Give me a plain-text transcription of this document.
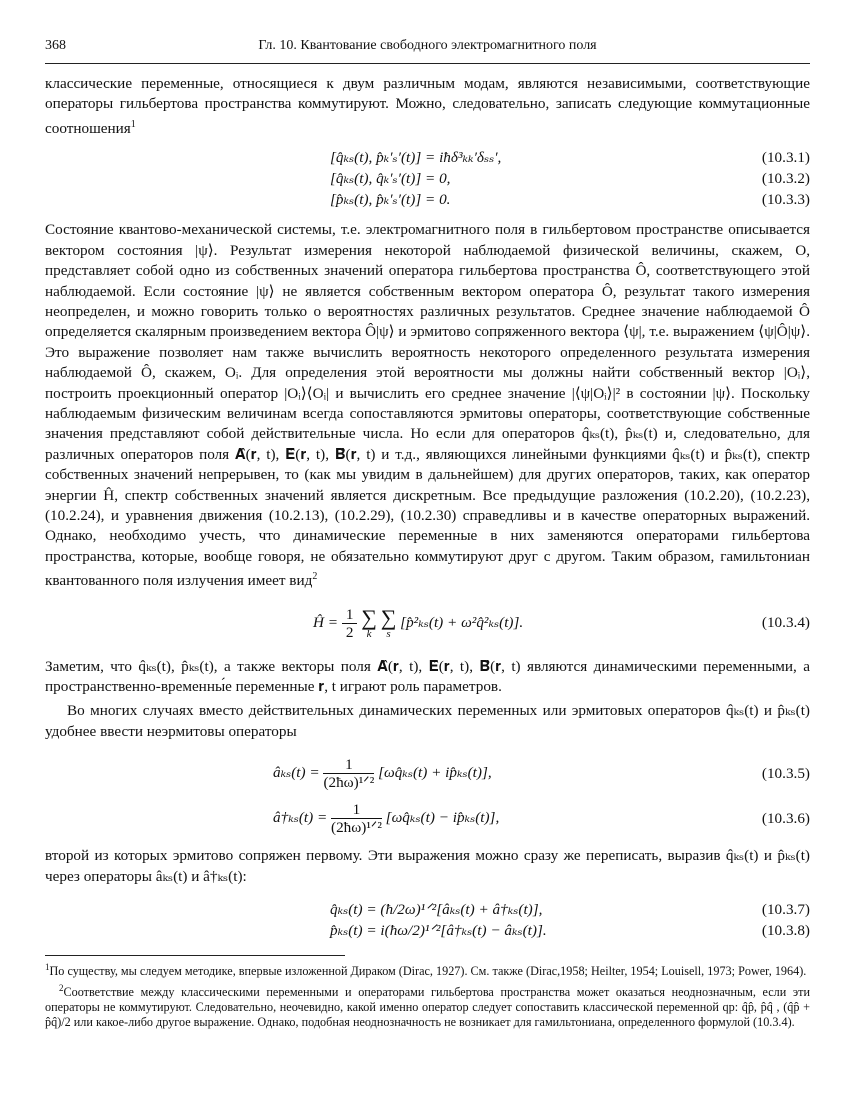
368	Гл. 10. Квантование свободного электромагнитного поля

классические переменные, относящиеся к двум различным модам, являются независимыми, соответствующие операторы гильбертова пространства коммутируют. Можно, следовательно, записать следующие коммутационные соотношения$^1$

[q̂ₖₛ(t), p̂ₖ′ₛ′(t)] = iħδ³ₖₖ′δₛₛ′,	(10.3.1)
[q̂ₖₛ(t), q̂ₖ′ₛ′(t)] = 0,	(10.3.2)
[p̂ₖₛ(t), p̂ₖ′ₛ′(t)] = 0.	(10.3.3)

Состояние квантово-механической системы, т.е. электромагнитного поля в гильбертовом пространстве описывается вектором состояния |ψ⟩. Результат измерения некоторой наблюдаемой физической величины, скажем, O, представляет собой одно из собственных значений оператора гильбертова пространства Ô, соответствующего этой наблюдаемой. Если состояние |ψ⟩ не является собственным вектором оператора Ô, результат такого измерения неопределен, и можно говорить только о вероятностях различных результатов. Среднее значение наблюдаемой Ô определяется скалярным произведением вектора Ô|ψ⟩ и эрмитово сопряженного вектора ⟨ψ|, т.е. выражением ⟨ψ|Ô|ψ⟩. Это выражение позволяет нам также вычислить вероятность некоторого определенного результата измерения наблюдаемой Ô, скажем, Oᵢ. Для определения этой вероятности мы должны найти собственный вектор |Oᵢ⟩, построить проекционный оператор |Oᵢ⟩⟨Oᵢ| и вычислить его среднее значение |⟨ψ|Oᵢ⟩|² в состоянии |ψ⟩. Поскольку наблюдаемым физическим величинам всегда сопоставляются эрмитовы операторы, соответствующие собственные значения представляют собой действительные числа. Но если для операторов q̂ₖₛ(t), p̂ₖₛ(t) и, следовательно, для различных операторов поля 𝐀̂(𝐫, t), 𝐄̂(𝐫, t), 𝐁̂(𝐫, t) и т.д., являющихся линейными функциями q̂ₖₛ(t) и p̂ₖₛ(t), спектр собственных значений непрерывен, то (как мы увидим в дальнейшем) для других операторов, таких, как оператор энергии Ĥ, спектр собственных значений является дискретным. Все предыдущие разложения (10.2.20), (10.2.23), (10.2.24), и уравнения движения (10.2.13), (10.2.29), (10.2.30) справедливы и в качестве операторных выражений. Однако, необходимо учесть, что динамические переменные в них заменяются операторами гильбертова пространства, которые, вообще говоря, не обязательно коммутируют друг с другом. Таким образом, гамильтониан квантованного поля излучения имеет вид$^2$

Ĥ = $\frac{1}{2}$ ∑
k
∑
s
[p̂²ₖₛ(t) + ω²q̂²ₖₛ(t)].	(10.3.4)

Заметим, что q̂ₖₛ(t), p̂ₖₛ(t), а также векторы поля 𝐀̂(𝐫, t), 𝐄̂(𝐫, t), 𝐁̂(𝐫, t) являются динамическими переменными, а пространственно-временны́е переменные 𝐫, t играют роль параметров.

Во многих случаях вместо действительных динамических переменных или эрмитовых операторов q̂ₖₛ(t) и p̂ₖₛ(t) удобнее ввести неэрмитовы операторы

âₖₛ(t) = $\frac{1}{\text{(2ħω)¹ᐟ²}}$ [ωq̂ₖₛ(t) + ip̂ₖₛ(t)],	(10.3.5)
â†ₖₛ(t) = $\frac{1}{\text{(2ħω)¹ᐟ²}}$ [ωq̂ₖₛ(t) − ip̂ₖₛ(t)],	(10.3.6)

второй из которых эрмитово сопряжен первому. Эти выражения можно сразу же переписать, выразив q̂ₖₛ(t) и p̂ₖₛ(t) через операторы âₖₛ(t) и â†ₖₛ(t):

q̂ₖₛ(t) = (ħ/2ω)¹ᐟ²[âₖₛ(t) + â†ₖₛ(t)],	(10.3.7)
p̂ₖₛ(t) = i(ħω/2)¹ᐟ²[â†ₖₛ(t) − âₖₛ(t)].	(10.3.8)

$^1$По существу, мы следуем методике, впервые изложенной Дираком (Dirac, 1927). См. также (Dirac,1958; Heilter, 1954; Louisell, 1973; Power, 1964).

$^2$Соответствие между классическими переменными и операторами гильбертова пространства может оказаться неоднозначным, если эти операторы не коммутируют. Следовательно, неочевидно, какой именно оператор следует сопоставить классической переменной qp: q̂p̂, p̂q̂ , (q̂p̂ + p̂q̂)/2 или какое-либо другое выражение. Однако, подобная неоднозначность не возникает для гамильтониана, определенного формулой (10.3.4).
